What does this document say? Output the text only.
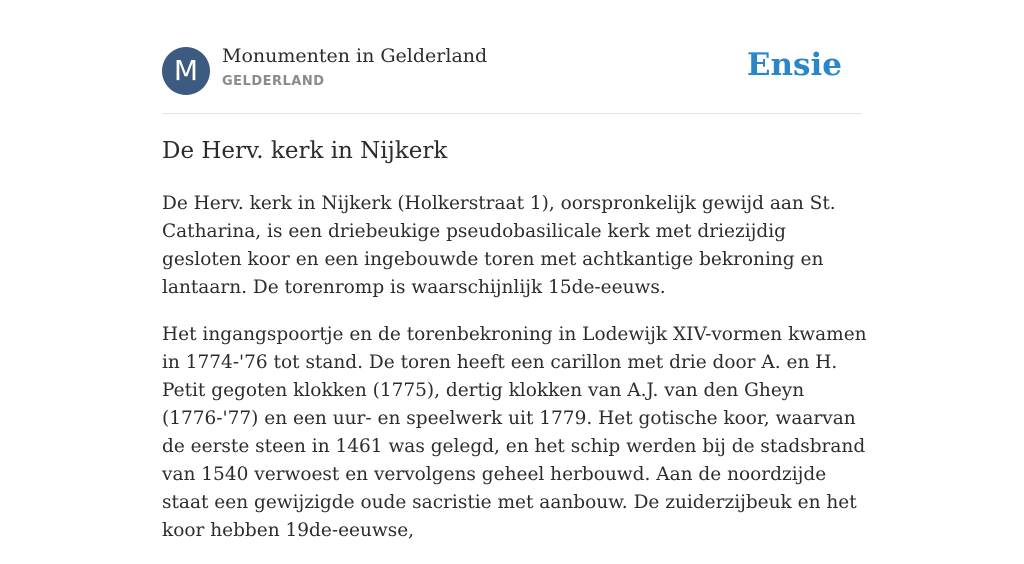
M	Monumenten in Gelderland
GELDERLAND	Ensie
De Herv. kerk in Nijkerk

De Herv. kerk in Nijkerk (Holkerstraat 1), oorspronkelijk gewijd aan St. Catharina, is een driebeukige pseudobasilicale kerk met driezijdig gesloten koor en een ingebouwde toren met achtkantige bekroning en lantaarn. De torenromp is waarschijnlijk 15de-eeuws.

Het ingangspoortje en de torenbekroning in Lodewijk XIV-vormen kwamen in 1774-'76 tot stand. De toren heeft een carillon met drie door A. en H. Petit gegoten klokken (1775), dertig klokken van A.J. van den Gheyn (1776-'77) en een uur- en speelwerk uit 1779. Het gotische koor, waarvan de eerste steen in 1461 was gelegd, en het schip werden bij de stadsbrand van 1540 verwoest en vervolgens geheel herbouwd. Aan de noordzijde staat een gewijzigde oude sacristie met aanbouw. De zuiderzijbeuk en het koor hebben 19de-eeuwse,
